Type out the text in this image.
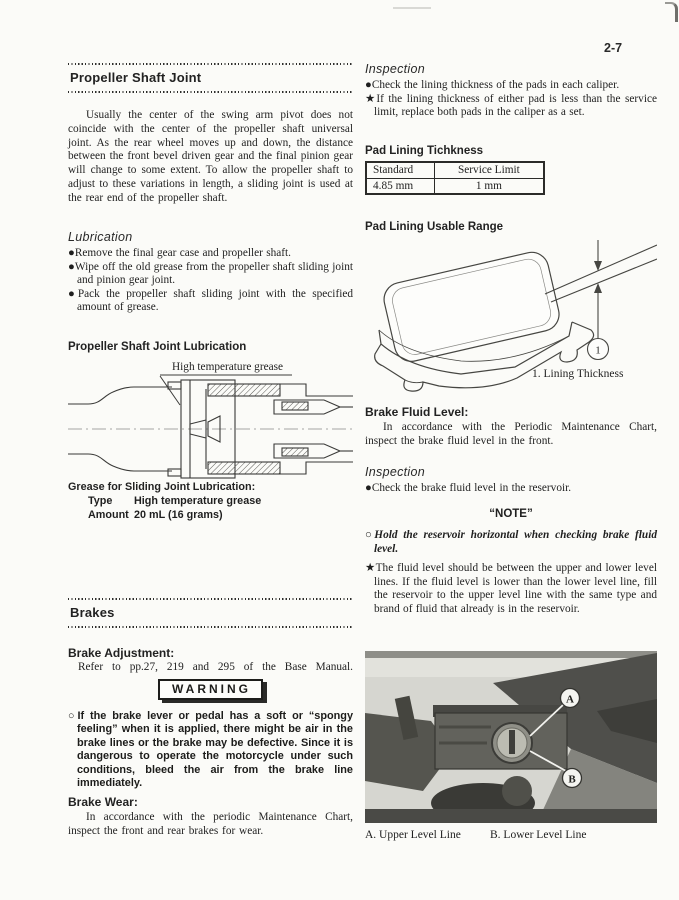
2-7
Propeller Shaft Joint
Usually the center of the swing arm pivot does not coincide with the center of the propeller shaft universal joint. As the rear wheel moves up and down, the distance between the front bevel driven gear and the final pinion gear will change to some extent. To allow the propeller shaft to adjust to these variations in length, a sliding joint is used at the rear end of the propeller shaft.
Lubrication
●Remove the final gear case and propeller shaft.
●Wipe off the old grease from the propeller shaft sliding joint and pinion gear joint.
●Pack the propeller shaft sliding joint with the specified amount of grease.
Propeller Shaft Joint Lubrication
High temperature grease
Grease for Sliding Joint Lubrication:
Type	High temperature grease
Amount 20 mL (16 grams)
Brakes
Brake Adjustment:
Refer to pp.27, 219 and 295 of the Base Manual.
WARNING
○If the brake lever or pedal has a soft or “spongy feeling” when it is applied, there might be air in the brake lines or the brake may be defective. Since it is dangerous to operate the motorcycle under such conditions, bleed the air from the brake line immediately.
Brake Wear:
In accordance with the periodic Maintenance Chart, inspect the front and rear brakes for wear.
Inspection
●Check the lining thickness of the pads in each caliper.
★If the lining thickness of either pad is less than the service limit, replace both pads in the caliper as a set.
Pad Lining Tichkness
Standard	Service Limit
4.85 mm	1 mm
Pad Lining Usable Range
1
1. Lining Thickness
Brake Fluid Level:
In accordance with the Periodic Maintenance Chart, inspect the brake fluid level in the front.
Inspection
●Check the brake fluid level in the reservoir.
“NOTE”
○Hold the reservoir horizontal when checking brake fluid level.
★The fluid level should be between the upper and lower level lines. If the fluid level is lower than the lower level line, fill the reservoir to the upper level line with the same type and brand of fluid that already is in the reservoir.
A
B
A. Upper Level Line	B. Lower Level Line
